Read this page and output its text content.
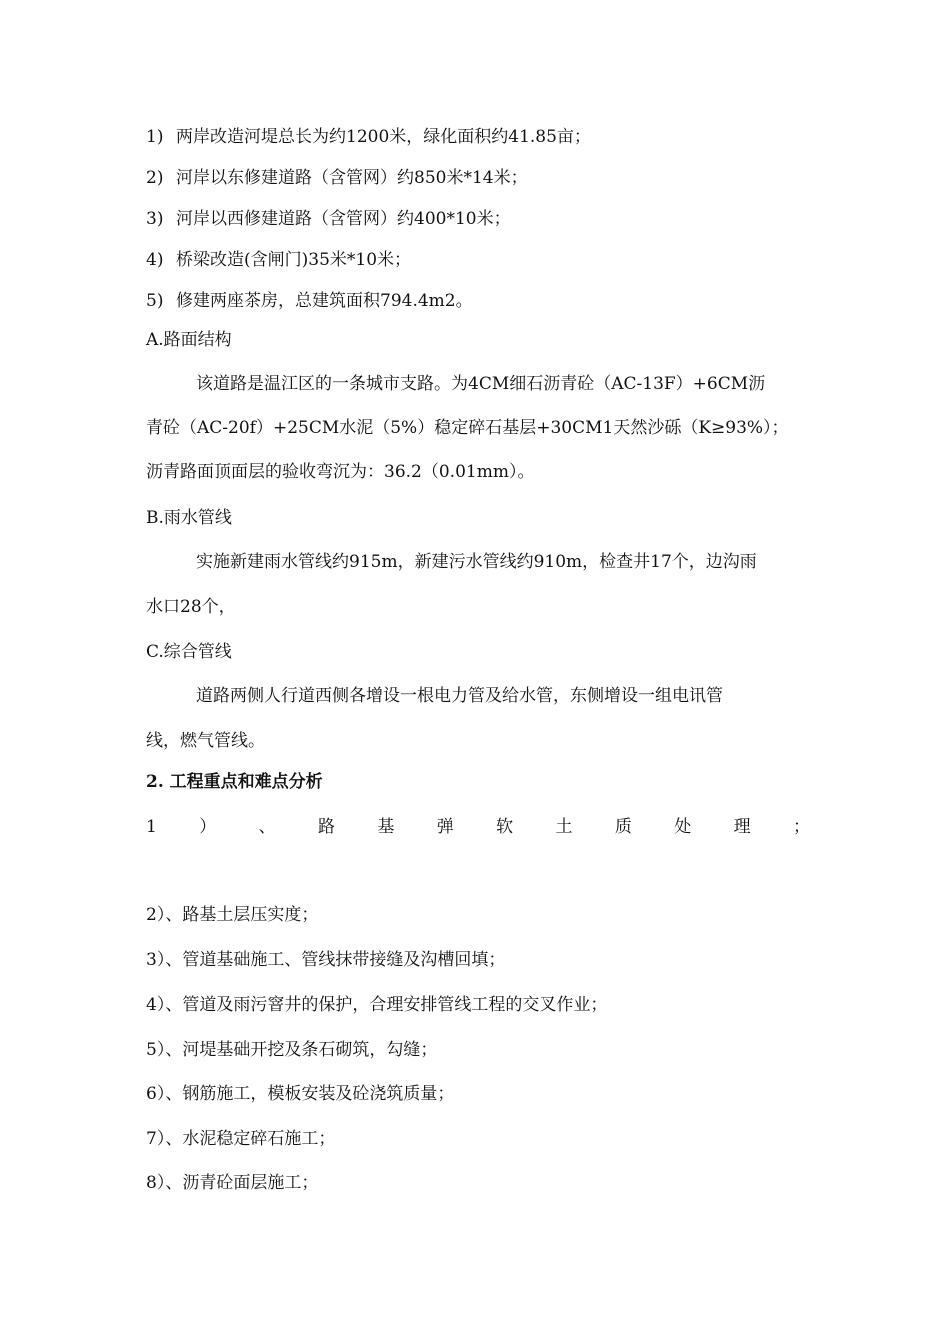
1) 两岸改造河堤总长为约1200米，绿化面积约41.85亩；
2) 河岸以东修建道路（含管网）约850米*14米；
3) 河岸以西修建道路（含管网）约400*10米；
4) 桥梁改造(含闸门)35米*10米；
5) 修建两座茶房，总建筑面积794.4m2。
A.路面结构
该道路是温江区的一条城市支路。为4CM细石沥青砼（AC-13F）+6CM沥
青砼（AC-20f）+25CM水泥（5%）稳定碎石基层+30CM1天然沙砾（K≥93%）；
沥青路面顶面层的验收弯沉为：36.2（0.01mm）。
B.雨水管线
实施新建雨水管线约915m，新建污水管线约910m，检查井17个，边沟雨
水口28个，
C.综合管线
道路两侧人行道西侧各增设一根电力管及给水管，东侧增设一组电讯管
线，燃气管线。
2. 工程重点和难点分析
1 ） 、 路 基 弹 软 土 质 处 理 ；
2）、路基土层压实度；
3）、管道基础施工、管线抹带接缝及沟槽回填；
4）、管道及雨污窨井的保护，合理安排管线工程的交叉作业；
5）、河堤基础开挖及条石砌筑，勾缝；
6）、钢筋施工，模板安装及砼浇筑质量；
7）、水泥稳定碎石施工；
8）、沥青砼面层施工；
